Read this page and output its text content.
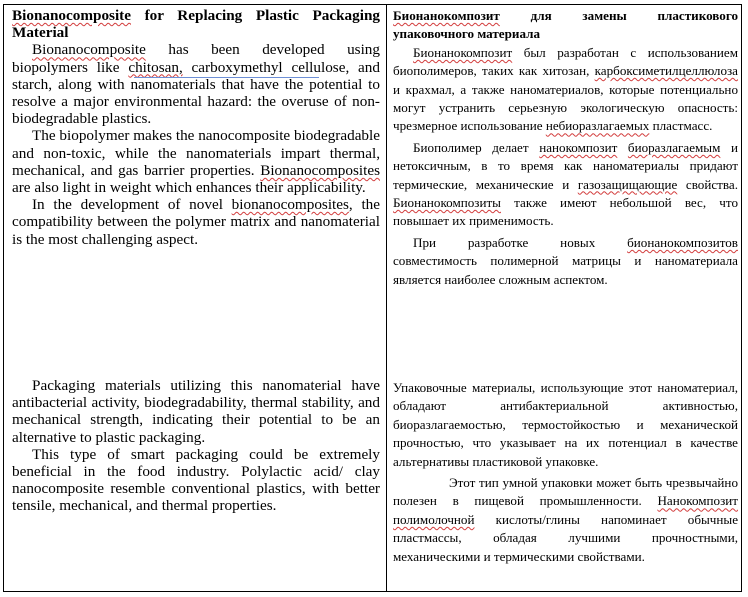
Bionanocomposite for Replacing Plastic Packaging Material

Bionanocomposite has been developed using biopolymers like chitosan, carboxymethyl cellulose, and starch, along with nanomaterials that have the potential to resolve a major environmental hazard: the overuse of non-biodegradable plastics.

The biopolymer makes the nanocomposite biodegradable and non-toxic, while the nanomaterials impart thermal, mechanical, and gas barrier properties. Bionanocomposites are also light in weight which enhances their applicability.

In the development of novel bionanocomposites, the compatibility between the polymer matrix and nanomaterial is the most challenging aspect.

Packaging materials utilizing this nanomaterial have antibacterial activity, biodegradability, thermal stability, and mechanical strength, indicating their potential to be an alternative to plastic packaging.

This type of smart packaging could be extremely beneficial in the food industry. Polylactic acid/ clay nanocomposite resemble conventional plastics, with better tensile, mechanical, and thermal properties.

Бионанокомпозит для замены пластикового упаковочного материала

Бионанокомпозит был разработан с использованием биополимеров, таких как хитозан, карбоксиметилцеллюлоза и крахмал, а также наноматериалов, которые потенциально могут устранить серьезную экологическую опасность: чрезмерное использование небиоразлагаемых пластмасс.

Биополимер делает нанокомпозит биоразлагаемым и нетоксичным, в то время как наноматериалы придают термические, механические и газозащищающие свойства. Бионанокомпозиты также имеют небольшой вес, что повышает их применимость.

При разработке новых бионанокомпозитов совместимость полимерной матрицы и наноматериала является наиболее сложным аспектом.

Упаковочные материалы, использующие этот наноматериал, обладают антибактериальной активностью, биоразлагаемостью, термостойкостью и механической прочностью, что указывает на их потенциал в качестве альтернативы пластиковой упаковке.

Этот тип умной упаковки может быть чрезвычайно полезен в пищевой промышленности. Нанокомпозит полимолочной кислоты/глины напоминает обычные пластмассы, обладая лучшими прочностными, механическими и термическими свойствами.
